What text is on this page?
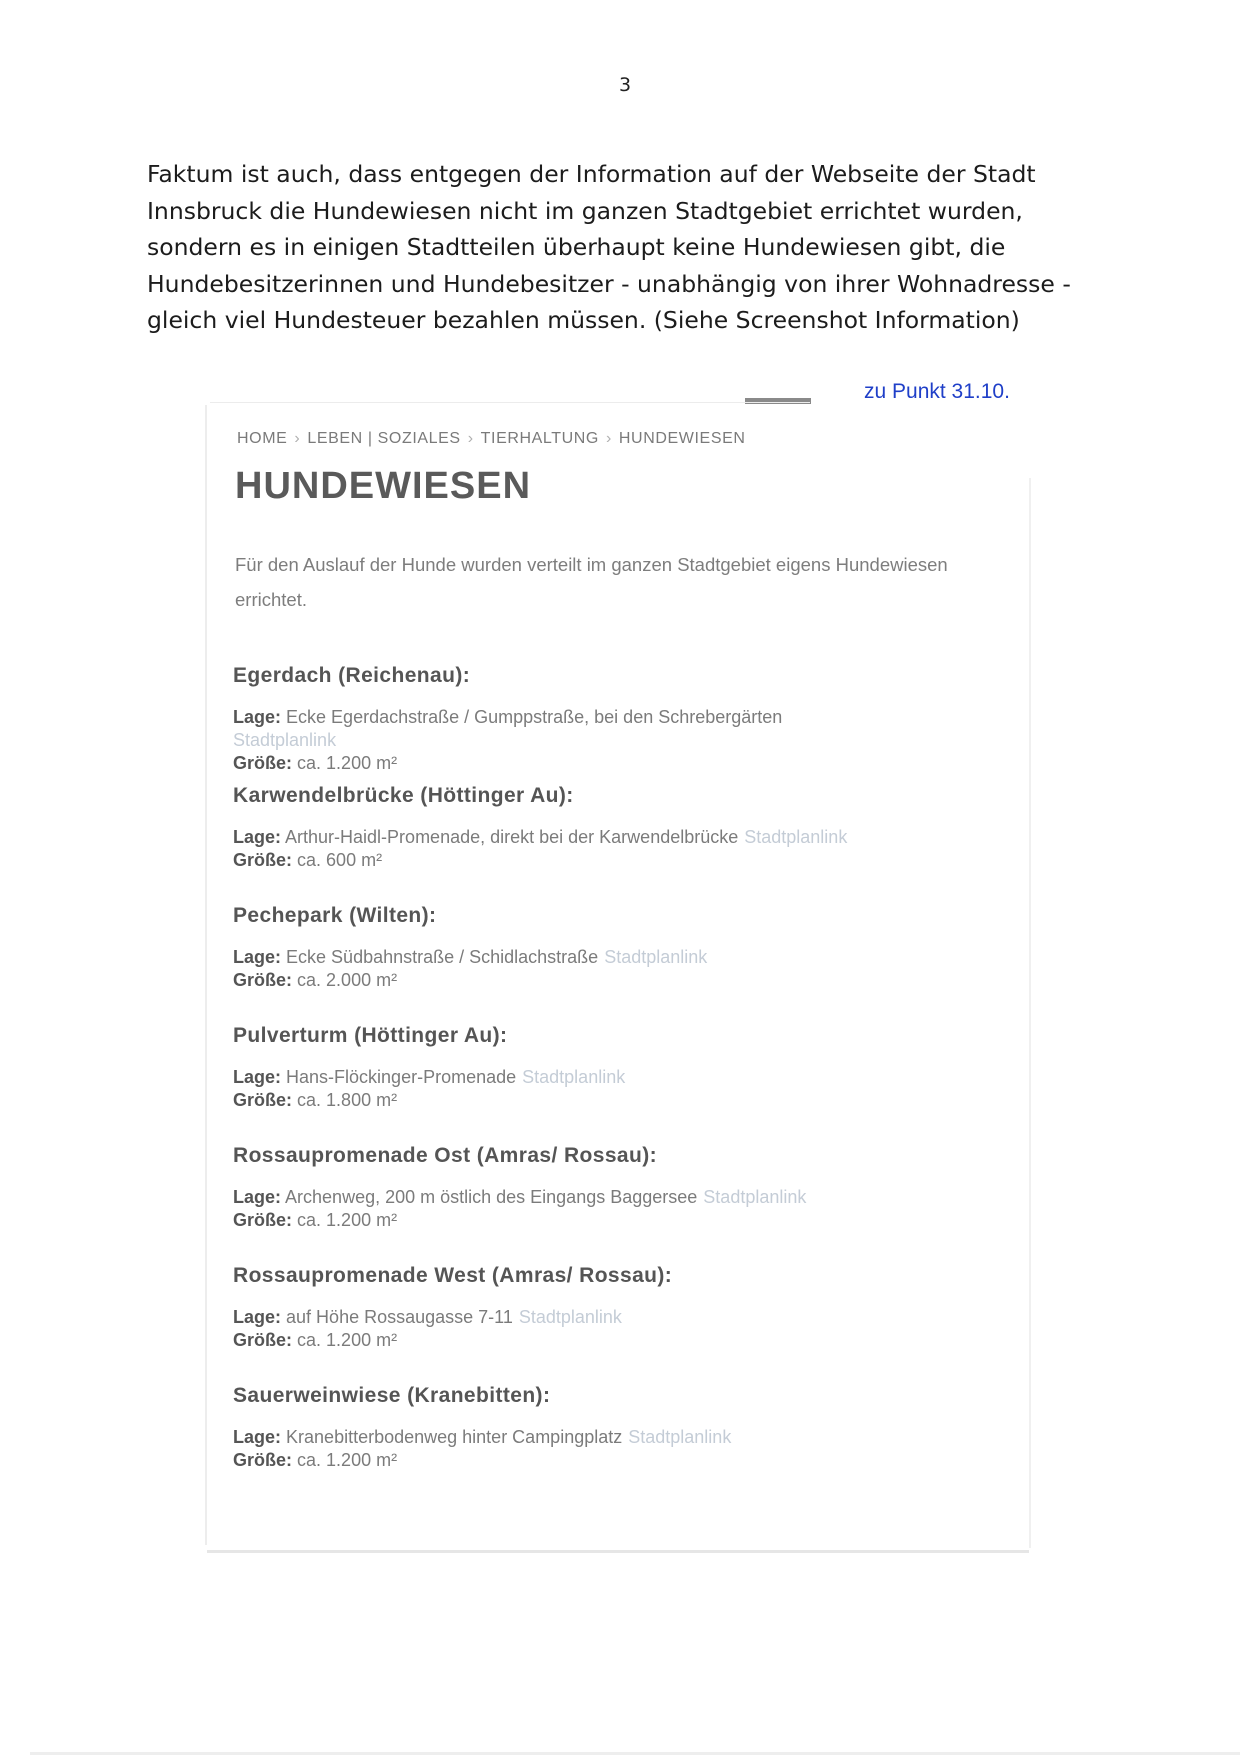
3

Faktum ist auch, dass entgegen der Information auf der Webseite der Stadt Innsbruck die Hundewiesen nicht im ganzen Stadtgebiet errichtet wurden, sondern es in einigen Stadtteilen überhaupt keine Hundewiesen gibt, die Hundebesitzerinnen und Hundebesitzer - unabhängig von ihrer Wohnadresse - gleich viel Hundesteuer bezahlen müssen. (Siehe Screenshot Information)

zu Punkt 31.10.
HOME › LEBEN | SOZIALES › TIERHALTUNG › HUNDEWIESEN
HUNDEWIESEN

Für den Auslauf der Hunde wurden verteilt im ganzen Stadtgebiet eigens Hundewiesen errichtet.

Egerdach (Reichenau):
Lage: Ecke Egerdachstraße / Gumppstraße, bei den Schrebergärten
Stadtplanlink
Größe: ca. 1.200 m²
Karwendelbrücke (Höttinger Au):
Lage: Arthur-Haidl-Promenade, direkt bei der Karwendelbrücke Stadtplanlink
Größe: ca. 600 m²
Pechepark (Wilten):
Lage: Ecke Südbahnstraße / Schidlachstraße Stadtplanlink
Größe: ca. 2.000 m²
Pulverturm (Höttinger Au):
Lage: Hans-Flöckinger-Promenade Stadtplanlink
Größe: ca. 1.800 m²
Rossaupromenade Ost (Amras/ Rossau):
Lage: Archenweg, 200 m östlich des Eingangs Baggersee Stadtplanlink
Größe: ca. 1.200 m²
Rossaupromenade West (Amras/ Rossau):
Lage: auf Höhe Rossaugasse 7-11 Stadtplanlink
Größe: ca. 1.200 m²
Sauerweinwiese (Kranebitten):
Lage: Kranebitterbodenweg hinter Campingplatz Stadtplanlink
Größe: ca. 1.200 m²
